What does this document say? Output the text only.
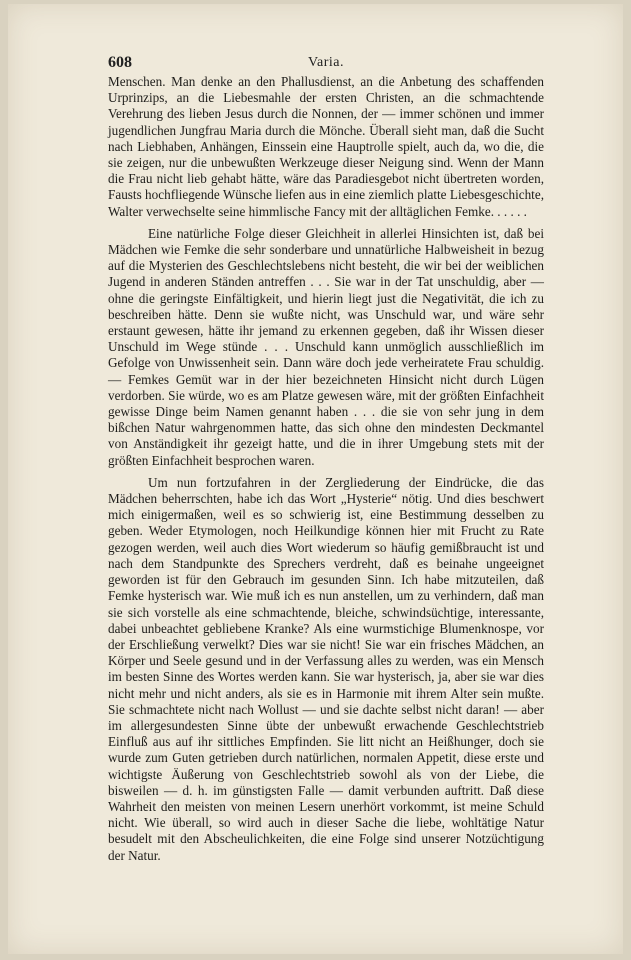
608	Varia.

Menschen. Man denke an den Phallusdienst, an die Anbetung des schaffenden Urprinzips, an die Liebesmahle der ersten Christen, an die schmachtende Verehrung des lieben Jesus durch die Nonnen, der — immer schönen und immer jugendlichen Jungfrau Maria durch die Mönche. Überall sieht man, daß die Sucht nach Liebhaben, Anhängen, Einssein eine Hauptrolle spielt, auch da, wo die, die sie zeigen, nur die unbewußten Werkzeuge dieser Neigung sind. Wenn der Mann die Frau nicht lieb gehabt hätte, wäre das Paradiesgebot nicht übertreten worden, Fausts hochfliegende Wünsche liefen aus in eine ziemlich platte Liebesgeschichte, Walter verwechselte seine himmlische Fancy mit der alltäglichen Femke. . . . . .

Eine natürliche Folge dieser Gleichheit in allerlei Hinsichten ist, daß bei Mädchen wie Femke die sehr sonderbare und unnatürliche Halbweisheit in bezug auf die Mysterien des Geschlechtslebens nicht besteht, die wir bei der weiblichen Jugend in anderen Ständen antreffen . . . Sie war in der Tat unschuldig, aber — ohne die geringste Einfältigkeit, und hierin liegt just die Negativität, die ich zu beschreiben hätte. Denn sie wußte nicht, was Unschuld war, und wäre sehr erstaunt gewesen, hätte ihr jemand zu erkennen gegeben, daß ihr Wissen dieser Unschuld im Wege stünde . . . Unschuld kann unmöglich ausschließlich im Gefolge von Unwissenheit sein. Dann wäre doch jede verheiratete Frau schuldig. — Femkes Gemüt war in der hier bezeichneten Hinsicht nicht durch Lügen verdorben. Sie würde, wo es am Platze gewesen wäre, mit der größten Einfachheit gewisse Dinge beim Namen genannt haben . . . die sie von sehr jung in dem bißchen Natur wahrgenommen hatte, das sich ohne den mindesten Deckmantel von Anständigkeit ihr gezeigt hatte, und die in ihrer Umgebung stets mit der größten Einfachheit besprochen waren.

Um nun fortzufahren in der Zergliederung der Eindrücke, die das Mädchen beherrschten, habe ich das Wort „Hysterie“ nötig. Und dies beschwert mich einigermaßen, weil es so schwierig ist, eine Bestimmung desselben zu geben. Weder Etymologen, noch Heilkundige können hier mit Frucht zu Rate gezogen werden, weil auch dies Wort wiederum so häufig gemißbraucht ist und nach dem Standpunkte des Sprechers verdreht, daß es beinahe ungeeignet geworden ist für den Gebrauch im gesunden Sinn. Ich habe mitzuteilen, daß Femke hysterisch war. Wie muß ich es nun anstellen, um zu verhindern, daß man sie sich vorstelle als eine schmachtende, bleiche, schwindsüchtige, interessante, dabei unbeachtet gebliebene Kranke? Als eine wurmstichige Blumenknospe, vor der Erschließung verwelkt? Dies war sie nicht! Sie war ein frisches Mädchen, an Körper und Seele gesund und in der Verfassung alles zu werden, was ein Mensch im besten Sinne des Wortes werden kann. Sie war hysterisch, ja, aber sie war dies nicht mehr und nicht anders, als sie es in Harmonie mit ihrem Alter sein mußte. Sie schmachtete nicht nach Wollust — und sie dachte selbst nicht daran! — aber im allergesundesten Sinne übte der unbewußt erwachende Geschlechtstrieb Einfluß aus auf ihr sittliches Empfinden. Sie litt nicht an Heißhunger, doch sie wurde zum Guten getrieben durch natürlichen, normalen Appetit, diese erste und wichtigste Äußerung von Geschlechtstrieb sowohl als von der Liebe, die bisweilen — d. h. im günstigsten Falle — damit verbunden auftritt. Daß diese Wahrheit den meisten von meinen Lesern unerhört vorkommt, ist meine Schuld nicht. Wie überall, so wird auch in dieser Sache die liebe, wohltätige Natur besudelt mit den Abscheulichkeiten, die eine Folge sind unserer Notzüchtigung der Natur.
